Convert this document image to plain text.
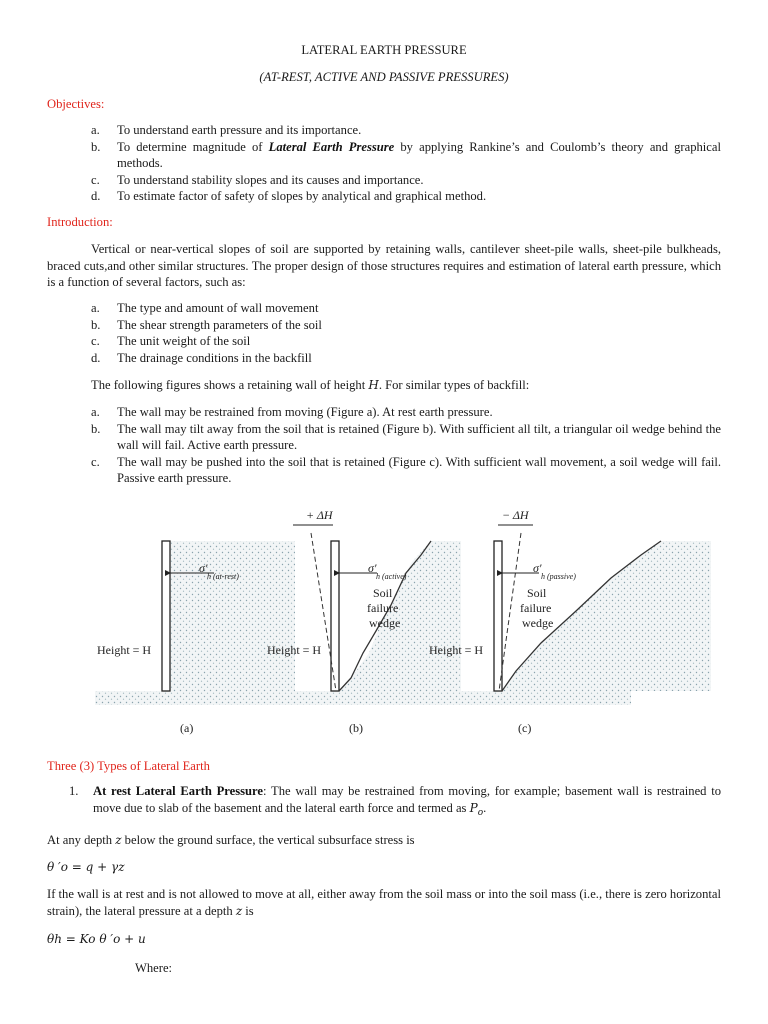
LATERAL EARTH PRESSURE
(AT-REST, ACTIVE AND PASSIVE PRESSURES)
Objectives:
a. To understand earth pressure and its importance.
b. To determine magnitude of Lateral Earth Pressure by applying Rankine’s and Coulomb’s theory and graphical methods.
c. To understand stability slopes and its causes and importance.
d. To estimate factor of safety of slopes by analytical and graphical method.
Introduction:
Vertical or near-vertical slopes of soil are supported by retaining walls, cantilever sheet-pile walls, sheet-pile bulkheads, braced cuts,and other similar structures. The proper design of those structures requires and estimation of lateral earth pressure, which is a function of several factors, such as:
a. The type and amount of wall movement
b. The shear strength parameters of the soil
c. The unit weight of the soil
d. The drainage conditions in the backfill
The following figures shows a retaining wall of height H. For similar types of backfill:
a. The wall may be restrained from moving (Figure a). At rest earth pressure.
b. The wall may tilt away from the soil that is retained (Figure b). With sufficient all tilt, a triangular oil wedge behind the wall will fail. Active earth pressure.
c. The wall may be pushed into the soil that is retained (Figure c). With sufficient wall movement, a soil wedge will fail. Passive earth pressure.
Three (3) Types of Lateral Earth
1. At rest Lateral Earth Pressure: The wall may be restrained from moving, for example; basement wall is restrained to move due to slab of the basement and the lateral earth force and termed as $P_o$.
At any depth z below the ground surface, the vertical subsurface stress is
θ ′o = q + γz
If the wall is at rest and is not allowed to move at all, either away from the soil mass or into the soil mass (i.e., there is zero horizontal strain), the lateral pressure at a depth z is
θh = Ko θ ′o + u
Where:
σ′
h (at-rest)
Height = H
(a)
σ′
h (active)
+ ΔH
Soil
failure
wedge
Height = H
(b)
σ′
h (passive)
− ΔH
Soil
failure
wedge
Height = H
(c)
